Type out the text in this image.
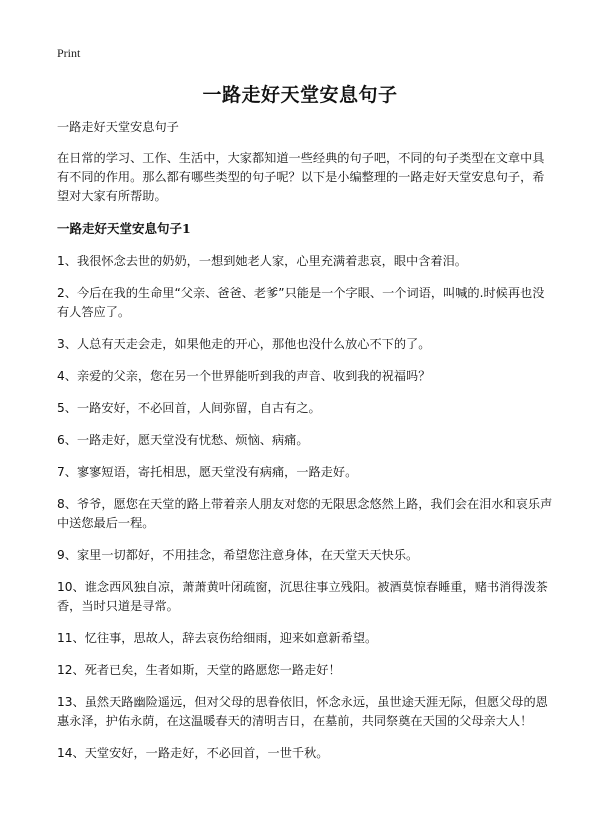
Print
一路走好天堂安息句子

一路走好天堂安息句子

在日常的学习、工作、生活中，大家都知道一些经典的句子吧，不同的句子类型在文章中具有不同的作用。那么都有哪些类型的句子呢？以下是小编整理的一路走好天堂安息句子，希望对大家有所帮助。

一路走好天堂安息句子1

1、我很怀念去世的奶奶，一想到她老人家，心里充满着悲哀，眼中含着泪。

2、今后在我的生命里“父亲、爸爸、老爹”只能是一个字眼、一个词语，叫喊的.时候再也没有人答应了。

3、人总有天走会走，如果他走的开心，那他也没什么放心不下的了。

4、亲爱的父亲，您在另一个世界能听到我的声音、收到我的祝福吗？

5、一路安好，不必回首，人间弥留，自古有之。

6、一路走好，愿天堂没有忧愁、烦恼、病痛。

7、寥寥短语，寄托相思，愿天堂没有病痛，一路走好。

8、爷爷，愿您在天堂的路上带着亲人朋友对您的无限思念悠然上路，我们会在泪水和哀乐声中送您最后一程。

9、家里一切都好，不用挂念，希望您注意身体，在天堂天天快乐。

10、谁念西风独自凉，萧萧黄叶闭疏窗，沉思往事立残阳。被酒莫惊春睡重，赌书消得泼茶香，当时只道是寻常。

11、忆往事，思故人，辞去哀伤给细雨，迎来如意新希望。

12、死者已矣，生者如斯，天堂的路愿您一路走好！

13、虽然天路幽险遥远，但对父母的思眷依旧，怀念永远，虽世途天涯无际，但愿父母的恩惠永泽，护佑永荫，在这温暖春天的清明吉日，在墓前，共同祭奠在天国的父母亲大人！

14、天堂安好，一路走好，不必回首，一世千秋。
